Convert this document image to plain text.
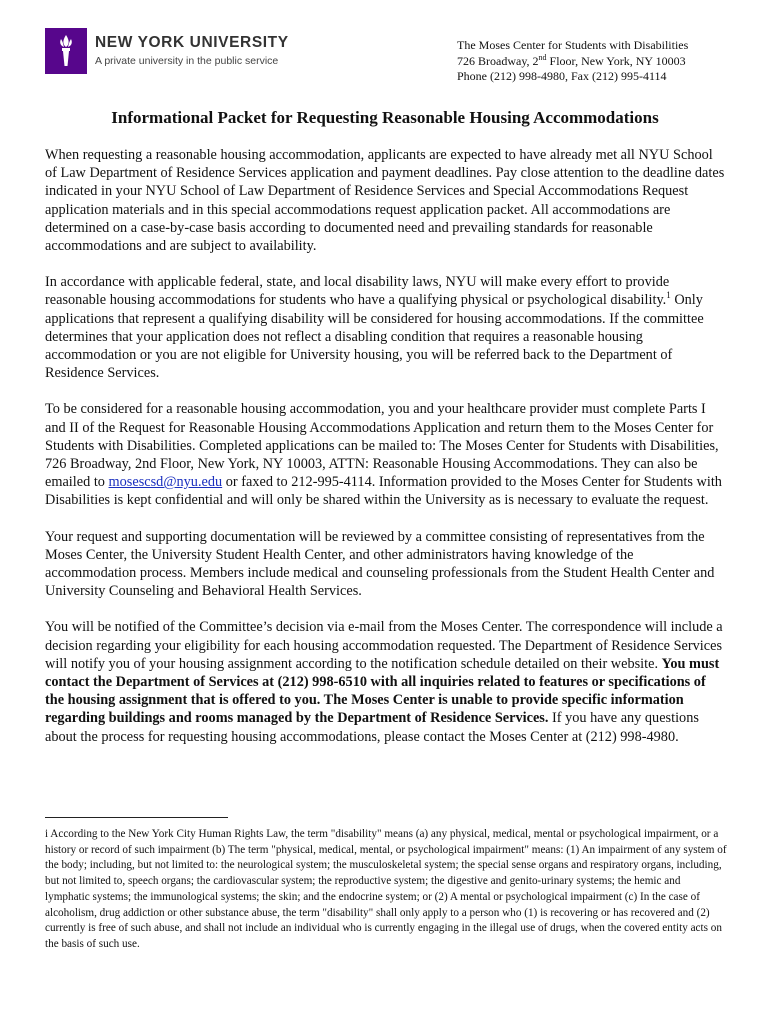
NEW YORK UNIVERSITY
A private university in the public service
The Moses Center for Students with Disabilities
726 Broadway, 2nd Floor, New York, NY 10003
Phone (212) 998-4980, Fax (212) 995-4114
Informational Packet for Requesting Reasonable Housing Accommodations

When requesting a reasonable housing accommodation, applicants are expected to have already met all NYU School of Law Department of Residence Services application and payment deadlines. Pay close attention to the deadline dates indicated in your NYU School of Law Department of Residence Services and Special Accommodations Request application materials and in this special accommodations request application packet. All accommodations are determined on a case-by-case basis according to documented need and prevailing standards for reasonable accommodations and are subject to availability.

In accordance with applicable federal, state, and local disability laws, NYU will make every effort to provide reasonable housing accommodations for students who have a qualifying physical or psychological disability.$^1$ Only applications that represent a qualifying disability will be considered for housing accommodations. If the committee determines that your application does not reflect a disabling condition that requires a reasonable housing accommodation or you are not eligible for University housing, you will be referred back to the Department of Residence Services.

To be considered for a reasonable housing accommodation, you and your healthcare provider must complete Parts I and II of the Request for Reasonable Housing Accommodations Application and return them to the Moses Center for Students with Disabilities. Completed applications can be mailed to: The Moses Center for Students with Disabilities, 726 Broadway, 2nd Floor, New York, NY 10003, ATTN: Reasonable Housing Accommodations. They can also be emailed to mosescsd@nyu.edu or faxed to 212-995-4114. Information provided to the Moses Center for Students with Disabilities is kept confidential and will only be shared within the University as is necessary to evaluate the request.

Your request and supporting documentation will be reviewed by a committee consisting of representatives from the Moses Center, the University Student Health Center, and other administrators having knowledge of the accommodation process. Members include medical and counseling professionals from the Student Health Center and University Counseling and Behavioral Health Services.

You will be notified of the Committee’s decision via e-mail from the Moses Center. The correspondence will include a decision regarding your eligibility for each housing accommodation requested. The Department of Residence Services will notify you of your housing assignment according to the notification schedule detailed on their website. You must contact the Department of Services at (212) 998-6510 with all inquiries related to features or specifications of the housing assignment that is offered to you. The Moses Center is unable to provide specific information regarding buildings and rooms managed by the Department of Residence Services. If you have any questions about the process for requesting housing accommodations, please contact the Moses Center at (212) 998-4980.

i According to the New York City Human Rights Law, the term "disability" means (a) any physical, medical, mental or psychological impairment, or a history or record of such impairment (b) The term "physical, medical, mental, or psychological impairment" means: (1) An impairment of any system of the body; including, but not limited to: the neurological system; the musculoskeletal system; the special sense organs and respiratory organs, including, but not limited to, speech organs; the cardiovascular system; the reproductive system; the digestive and genito-urinary systems; the hemic and lymphatic systems; the immunological systems; the skin; and the endocrine system; or (2) A mental or psychological impairment (c) In the case of alcoholism, drug addiction or other substance abuse, the term "disability" shall only apply to a person who (1) is recovering or has recovered and (2) currently is free of such abuse, and shall not include an individual who is currently engaging in the illegal use of drugs, when the covered entity acts on the basis of such use.
